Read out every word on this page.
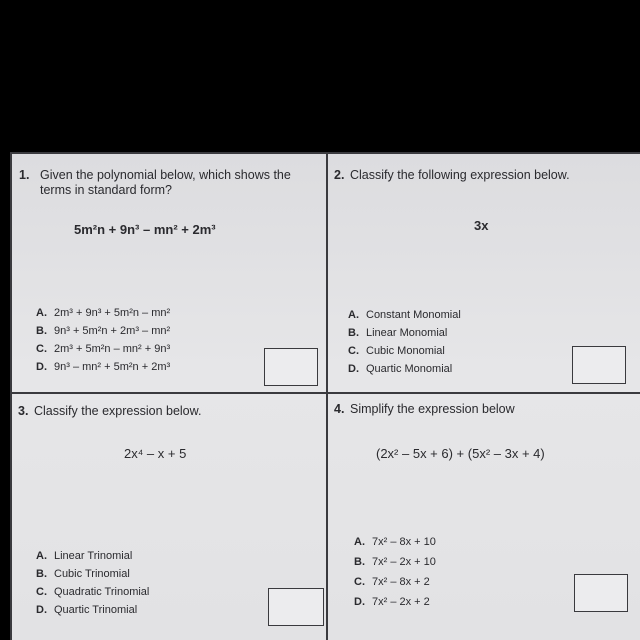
1. Given the polynomial below, which shows the
terms in standard form?
5m²n + 9n³ – mn² + 2m³
A. 2m³ + 9n³ + 5m²n – mn²
B. 9n³ + 5m²n + 2m³ – mn²
C. 2m³ + 5m²n – mn² + 9n³
D. 9n³ – mn² + 5m²n + 2m³
2. Classify the following expression below.
3x
A. Constant Monomial
B. Linear Monomial
C. Cubic Monomial
D. Quartic Monomial
3. Classify the expression below.
2x⁴ – x + 5
A. Linear Trinomial
B. Cubic Trinomial
C. Quadratic Trinomial
D. Quartic Trinomial
4. Simplify the expression below
(2x² – 5x + 6) + (5x² – 3x + 4)
A. 7x² – 8x + 10
B. 7x² – 2x + 10
C. 7x² – 8x + 2
D. 7x² – 2x + 2
